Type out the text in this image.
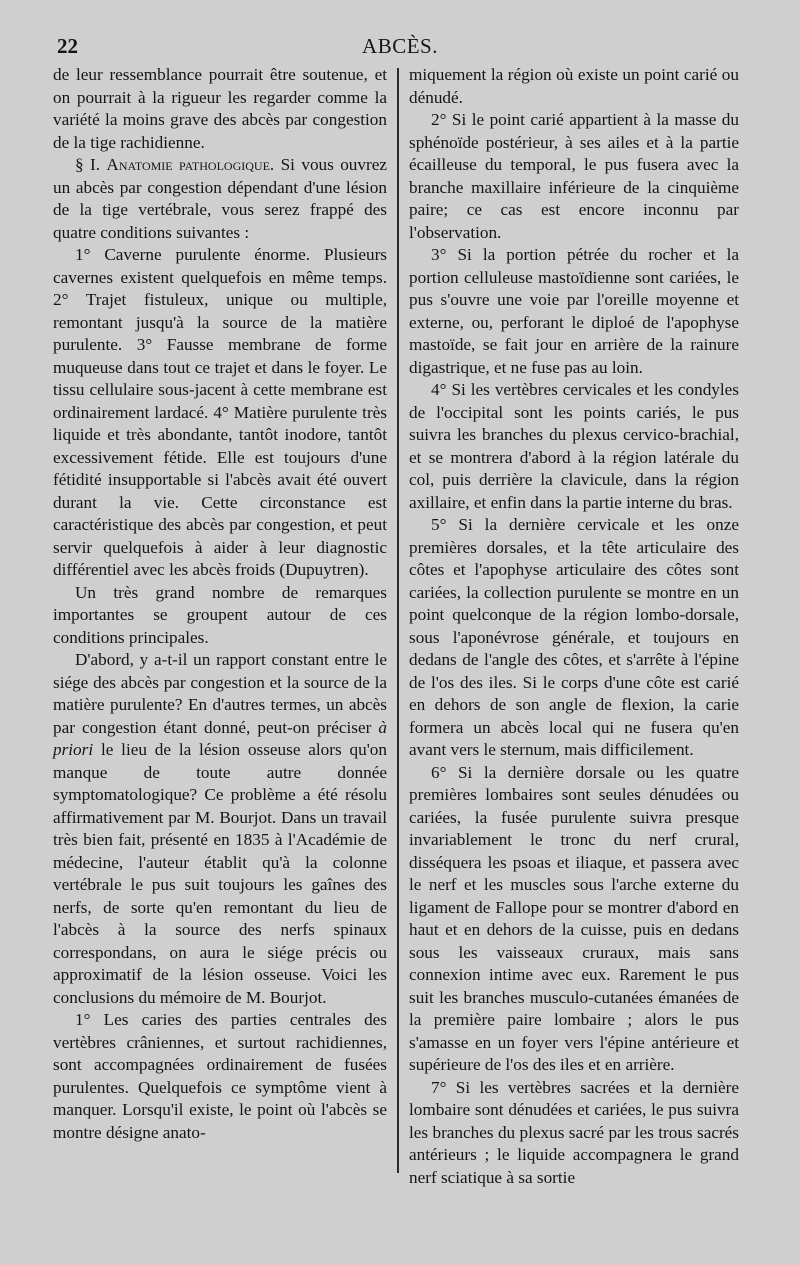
22	ABCÈS.

de leur ressemblance pourrait être soutenue, et on pourrait à la rigueur les regarder comme la variété la moins grave des abcès par congestion de la tige rachidienne.

§ I. Anatomie pathologique. Si vous ouvrez un abcès par congestion dépendant d'une lésion de la tige vertébrale, vous serez frappé des quatre conditions suivantes :

1° Caverne purulente énorme. Plusieurs cavernes existent quelquefois en même temps. 2° Trajet fistuleux, unique ou multiple, remontant jusqu'à la source de la matière purulente. 3° Fausse membrane de forme muqueuse dans tout ce trajet et dans le foyer. Le tissu cellulaire sous-jacent à cette membrane est ordinairement lardacé. 4° Matière purulente très liquide et très abondante, tantôt inodore, tantôt excessivement fétide. Elle est toujours d'une fétidité insupportable si l'abcès avait été ouvert durant la vie. Cette circonstance est caractéristique des abcès par congestion, et peut servir quelquefois à aider à leur diagnostic différentiel avec les abcès froids (Dupuytren).

Un très grand nombre de remarques importantes se groupent autour de ces conditions principales.

D'abord, y a-t-il un rapport constant entre le siége des abcès par congestion et la source de la matière purulente? En d'autres termes, un abcès par congestion étant donné, peut-on préciser à priori le lieu de la lésion osseuse alors qu'on manque de toute autre donnée symptomatologique? Ce problème a été résolu affirmativement par M. Bourjot. Dans un travail très bien fait, présenté en 1835 à l'Académie de médecine, l'auteur établit qu'à la colonne vertébrale le pus suit toujours les gaînes des nerfs, de sorte qu'en remontant du lieu de l'abcès à la source des nerfs spinaux correspondans, on aura le siége précis ou approximatif de la lésion osseuse. Voici les conclusions du mémoire de M. Bourjot.

1° Les caries des parties centrales des vertèbres crâniennes, et surtout rachidiennes, sont accompagnées ordinairement de fusées purulentes. Quelquefois ce symptôme vient à manquer. Lorsqu'il existe, le point où l'abcès se montre désigne anato-

miquement la région où existe un point carié ou dénudé.

2° Si le point carié appartient à la masse du sphénoïde postérieur, à ses ailes et à la partie écailleuse du temporal, le pus fusera avec la branche maxillaire inférieure de la cinquième paire; ce cas est encore inconnu par l'observation.

3° Si la portion pétrée du rocher et la portion celluleuse mastoïdienne sont cariées, le pus s'ouvre une voie par l'oreille moyenne et externe, ou, perforant le diploé de l'apophyse mastoïde, se fait jour en arrière de la rainure digastrique, et ne fuse pas au loin.

4° Si les vertèbres cervicales et les condyles de l'occipital sont les points cariés, le pus suivra les branches du plexus cervico-brachial, et se montrera d'abord à la région latérale du col, puis derrière la clavicule, dans la région axillaire, et enfin dans la partie interne du bras.

5° Si la dernière cervicale et les onze premières dorsales, et la tête articulaire des côtes et l'apophyse articulaire des côtes sont cariées, la collection purulente se montre en un point quelconque de la région lombo-dorsale, sous l'aponévrose générale, et toujours en dedans de l'angle des côtes, et s'arrête à l'épine de l'os des iles. Si le corps d'une côte est carié en dehors de son angle de flexion, la carie formera un abcès local qui ne fusera qu'en avant vers le sternum, mais difficilement.

6° Si la dernière dorsale ou les quatre premières lombaires sont seules dénudées ou cariées, la fusée purulente suivra presque invariablement le tronc du nerf crural, disséquera les psoas et iliaque, et passera avec le nerf et les muscles sous l'arche externe du ligament de Fallope pour se montrer d'abord en haut et en dehors de la cuisse, puis en dedans sous les vaisseaux cruraux, mais sans connexion intime avec eux. Rarement le pus suit les branches musculo-cutanées émanées de la première paire lombaire ; alors le pus s'amasse en un foyer vers l'épine antérieure et supérieure de l'os des iles et en arrière.

7° Si les vertèbres sacrées et la dernière lombaire sont dénudées et cariées, le pus suivra les branches du plexus sacré par les trous sacrés antérieurs ; le liquide accompagnera le grand nerf sciatique à sa sortie
